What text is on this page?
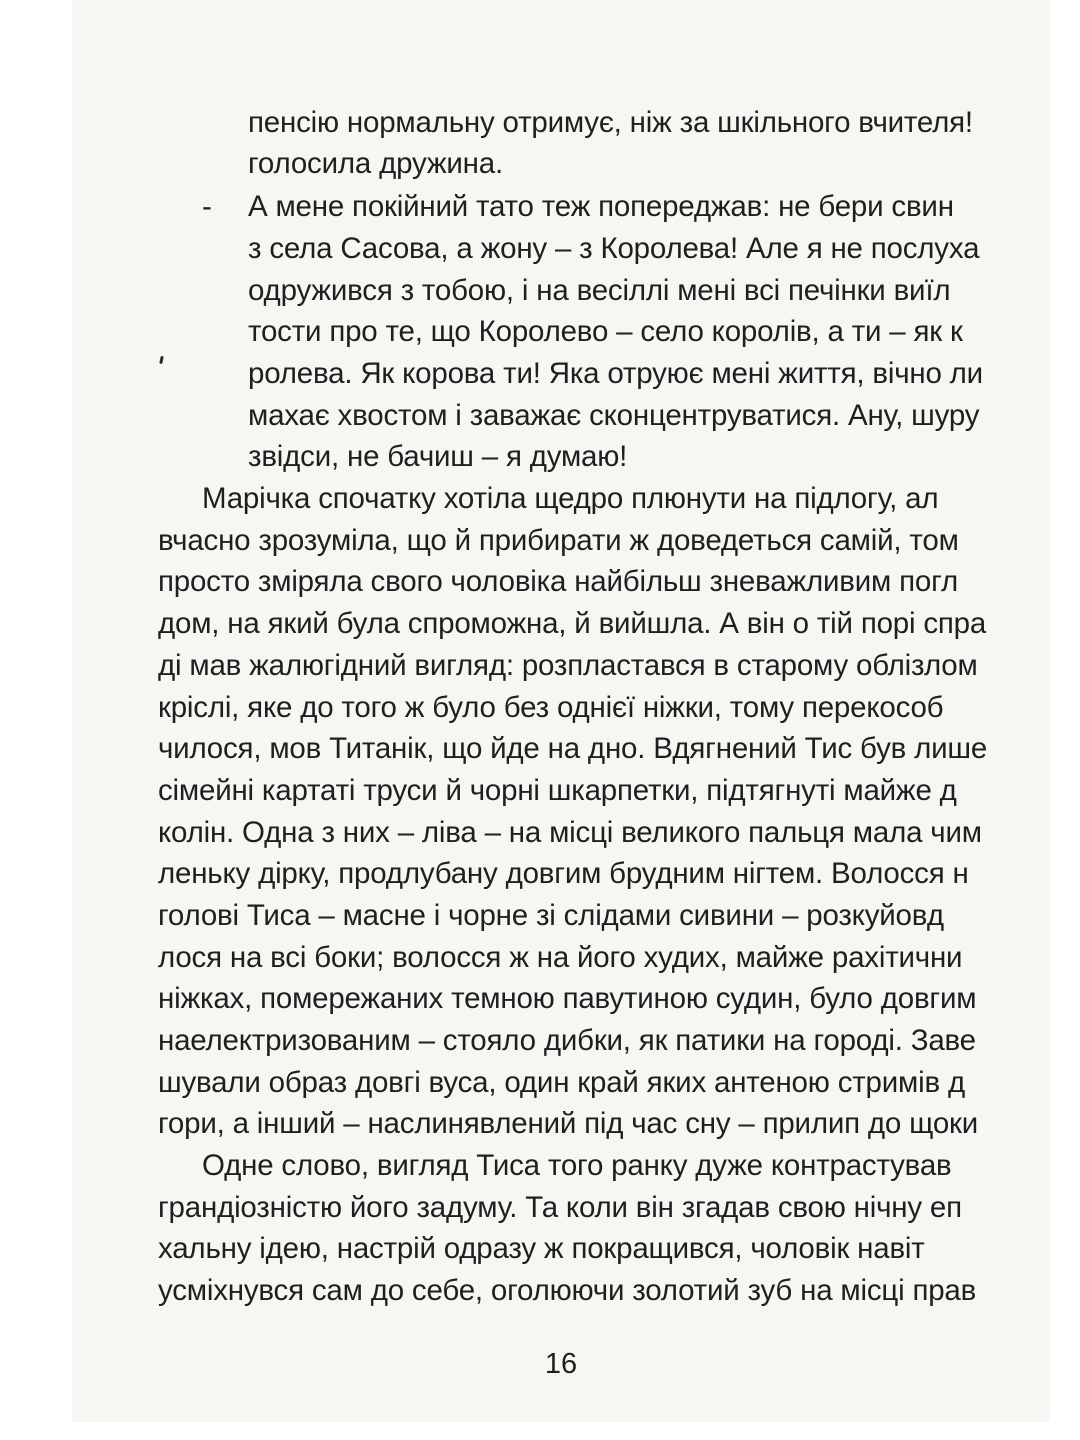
пенсію нормальну отримує, ніж за шкільного вчителя!
голосила дружина.
- А мене покійний тато теж попереджав: не бери свин
з села Сасова, а жону – з Королева! Але я не послуха
одружився з тобою, і на весіллі мені всі печінки виїл
тости про те, що Королево – село королів, а ти – як к
ролева. Як корова ти! Яка отруює мені життя, вічно ли
махає хвостом і заважає сконцентруватися. Ану, шуру
звідси, не бачиш – я думаю!
Марічка спочатку хотіла щедро плюнути на підлогу, ал
вчасно зрозуміла, що й прибирати ж доведеться самій, том
просто зміряла свого чоловіка найбільш зневажливим погл
дом, на який була спроможна, й вийшла. А він о тій порі спра
ді мав жалюгідний вигляд: розпластався в старому облізлом
кріслі, яке до того ж було без однієї ніжки, тому перекособ
чилося, мов Титанік, що йде на дно. Вдягнений Тис був лише
сімейні картаті труси й чорні шкарпетки, підтягнуті майже д
колін. Одна з них – ліва – на місці великого пальця мала чим
леньку дірку, продлубану довгим брудним нігтем. Волосся н
голові Тиса – масне і чорне зі слідами сивини – розкуйовд
лося на всі боки; волосся ж на його худих, майже рахітични
ніжках, помережаних темною павутиною судин, було довгим
наелектризованим – стояло дибки, як патики на городі. Заве
шували образ довгі вуса, один край яких антеною стримів д
гори, а інший – наслинявлений під час сну – прилип до щоки
Одне слово, вигляд Тиса того ранку дуже контрастував
грандіозністю його задуму. Та коли він згадав свою нічну еп
хальну ідею, настрій одразу ж покращився, чоловік навіт
усміхнувся сам до себе, оголюючи золотий зуб на місці прав
16
